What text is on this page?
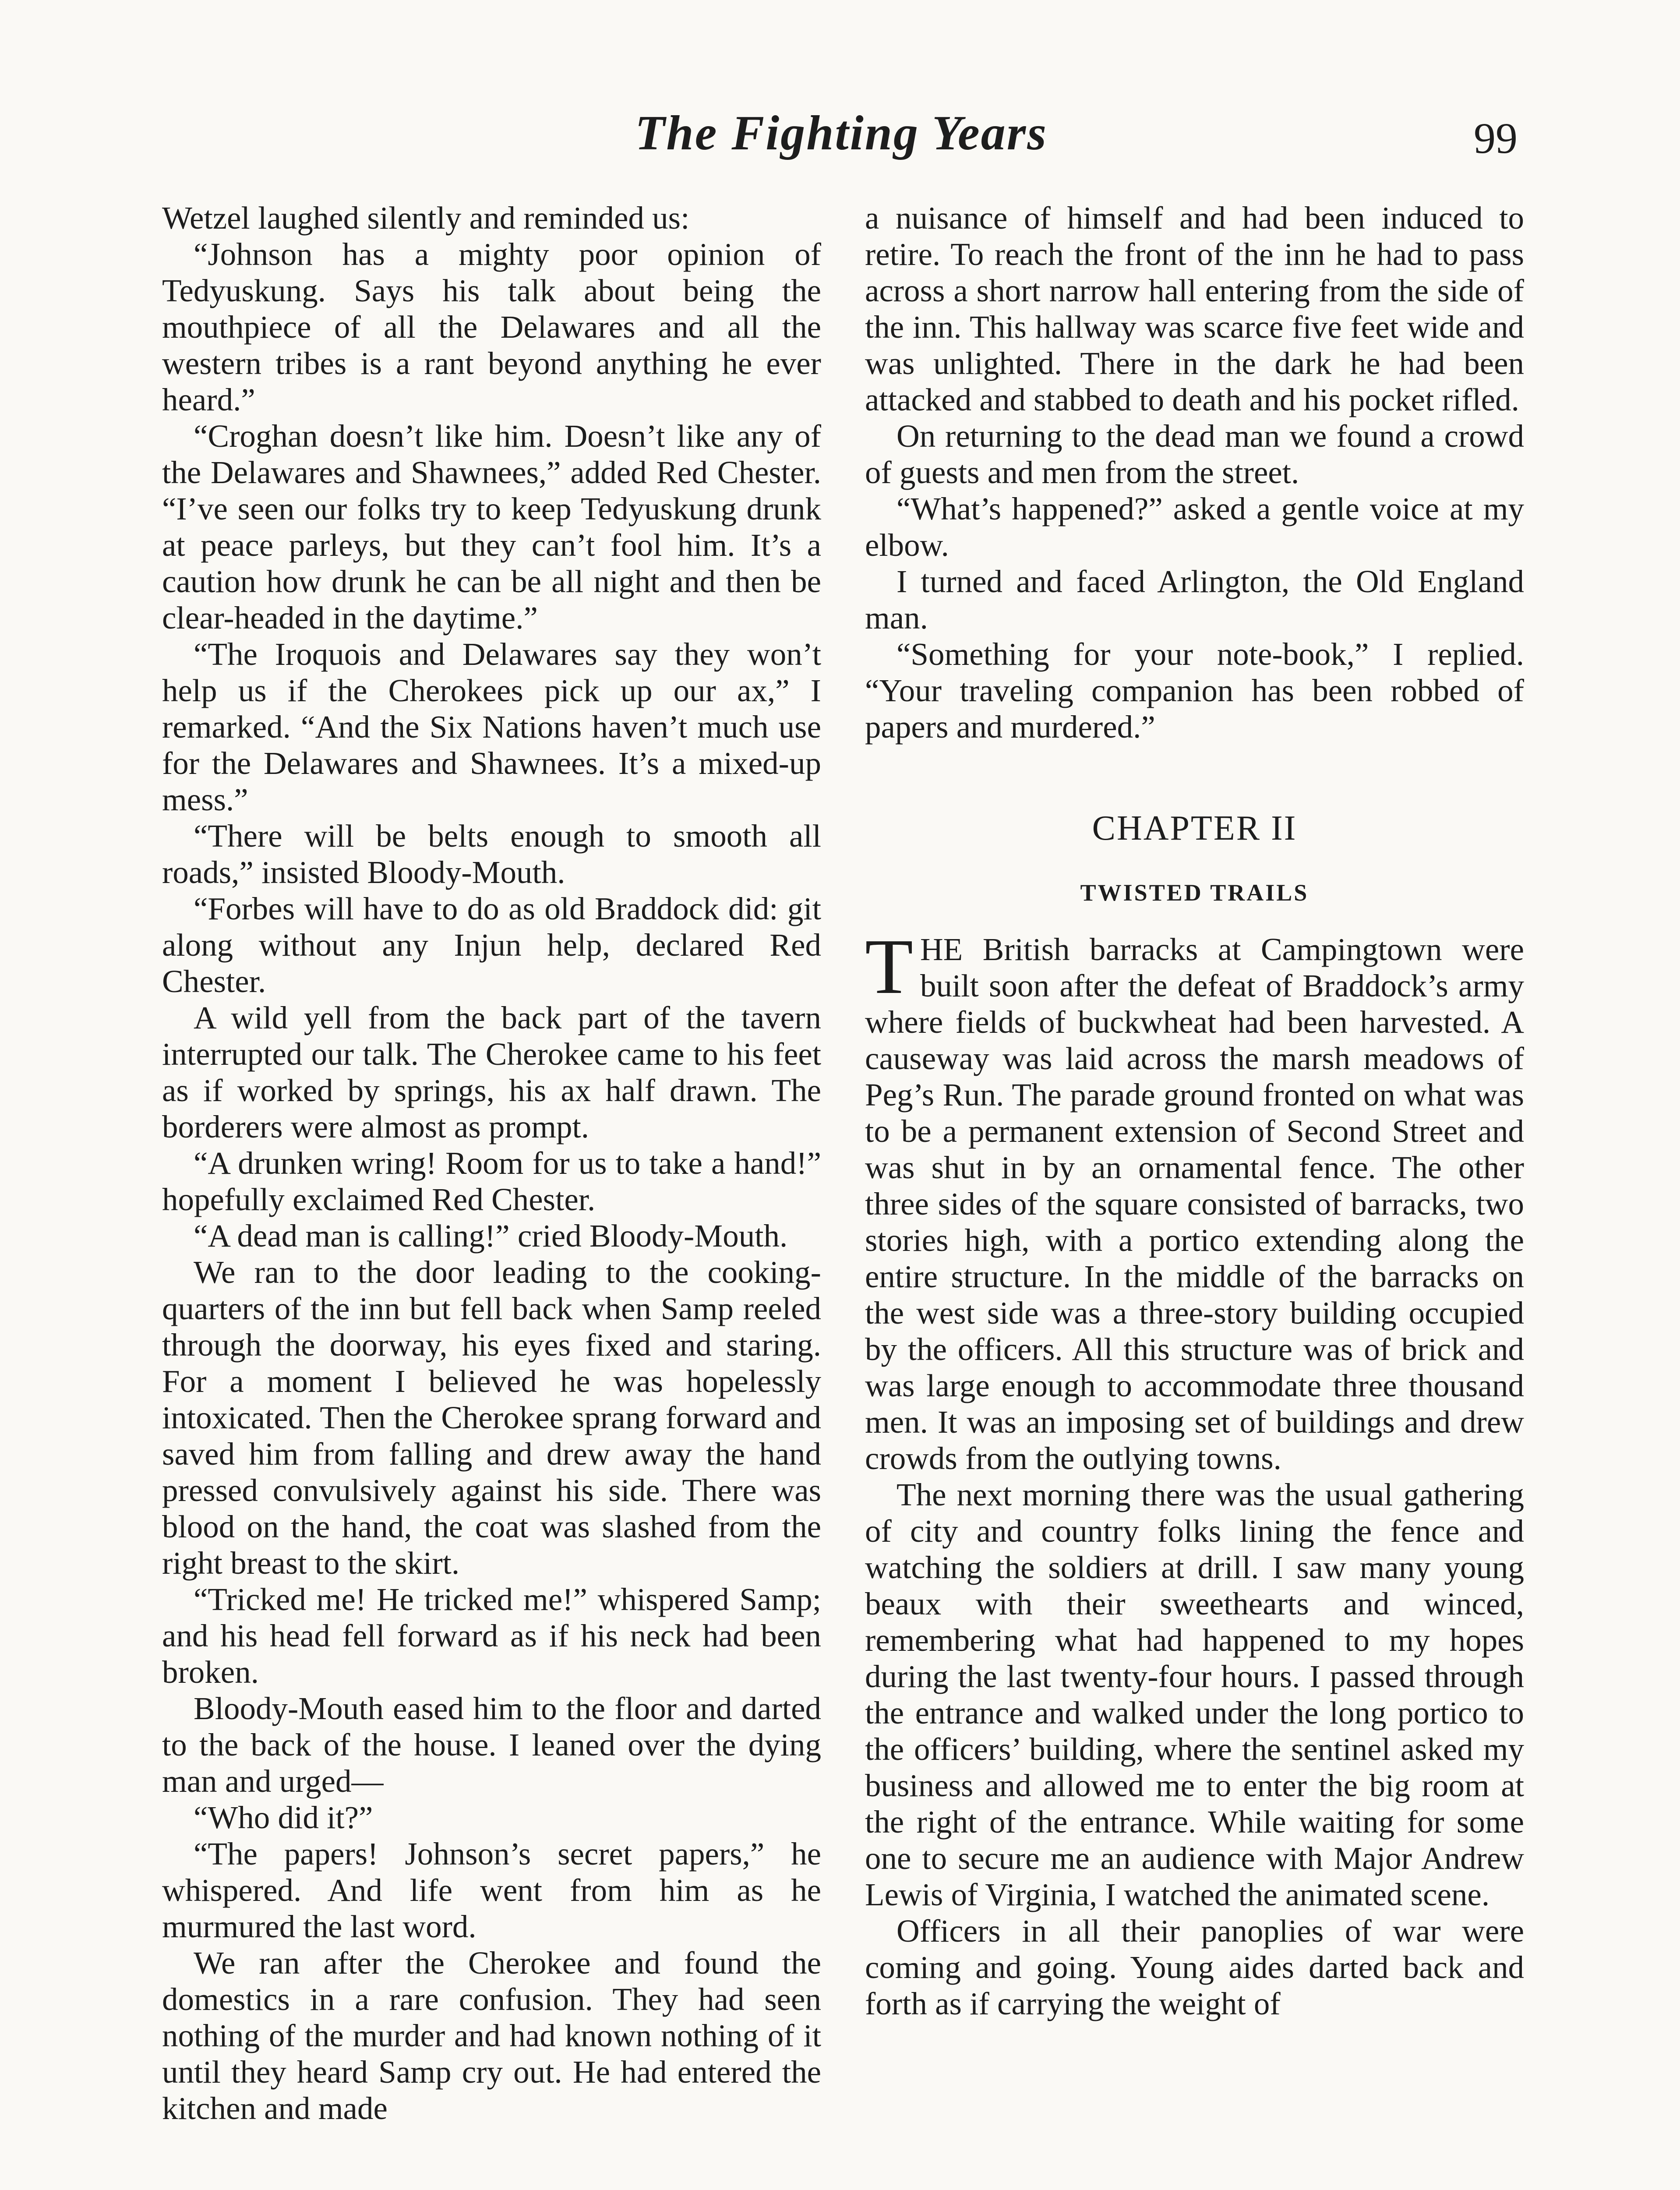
The Fighting Years	99

Wetzel laughed silently and reminded us:

“Johnson has a mighty poor opinion of Tedyuskung. Says his talk about being the mouthpiece of all the Delawares and all the western tribes is a rant beyond anything he ever heard.”

“Croghan doesn’t like him. Doesn’t like any of the Delawares and Shawnees,” added Red Chester. “I’ve seen our folks try to keep Tedyuskung drunk at peace parleys, but they can’t fool him. It’s a caution how drunk he can be all night and then be clear-headed in the daytime.”

“The Iroquois and Delawares say they won’t help us if the Cherokees pick up our ax,” I remarked. “And the Six Nations haven’t much use for the Delawares and Shawnees. It’s a mixed-up mess.”

“There will be belts enough to smooth all roads,” insisted Bloody-Mouth.

“Forbes will have to do as old Braddock did: git along without any Injun help, declared Red Chester.

A wild yell from the back part of the tavern interrupted our talk. The Cherokee came to his feet as if worked by springs, his ax half drawn. The borderers were almost as prompt.

“A drunken wring! Room for us to take a hand!” hopefully exclaimed Red Chester.

“A dead man is calling!” cried Bloody-Mouth.

We ran to the door leading to the cooking-quarters of the inn but fell back when Samp reeled through the doorway, his eyes fixed and staring. For a moment I believed he was hopelessly intoxicated. Then the Cherokee sprang forward and saved him from falling and drew away the hand pressed convulsively against his side. There was blood on the hand, the coat was slashed from the right breast to the skirt.

“Tricked me! He tricked me!” whispered Samp; and his head fell forward as if his neck had been broken.

Bloody-Mouth eased him to the floor and darted to the back of the house. I leaned over the dying man and urged—

“Who did it?”

“The papers! Johnson’s secret papers,” he whispered. And life went from him as he murmured the last word.

We ran after the Cherokee and found the domestics in a rare confusion. They had seen nothing of the murder and had known nothing of it until they heard Samp cry out. He had entered the kitchen and made

a nuisance of himself and had been induced to retire. To reach the front of the inn he had to pass across a short narrow hall entering from the side of the inn. This hallway was scarce five feet wide and was unlighted. There in the dark he had been attacked and stabbed to death and his pocket rifled.

On returning to the dead man we found a crowd of guests and men from the street.

“What’s happened?” asked a gentle voice at my elbow.

I turned and faced Arlington, the Old England man.

“Something for your note-book,” I replied. “Your traveling companion has been robbed of papers and murdered.”

CHAPTER II
TWISTED TRAILS

THE British barracks at Campingtown were built soon after the defeat of Braddock’s army where fields of buckwheat had been harvested. A causeway was laid across the marsh meadows of Peg’s Run. The parade ground fronted on what was to be a permanent extension of Second Street and was shut in by an ornamental fence. The other three sides of the square consisted of barracks, two stories high, with a portico extending along the entire structure. In the middle of the barracks on the west side was a three-story building occupied by the officers. All this structure was of brick and was large enough to accommodate three thousand men. It was an imposing set of buildings and drew crowds from the outlying towns.

The next morning there was the usual gathering of city and country folks lining the fence and watching the soldiers at drill. I saw many young beaux with their sweethearts and winced, remembering what had happened to my hopes during the last twenty-four hours. I passed through the entrance and walked under the long portico to the officers’ building, where the sentinel asked my business and allowed me to enter the big room at the right of the entrance. While waiting for some one to secure me an audience with Major Andrew Lewis of Virginia, I watched the animated scene.

Officers in all their panoplies of war were coming and going. Young aides darted back and forth as if carrying the weight of
